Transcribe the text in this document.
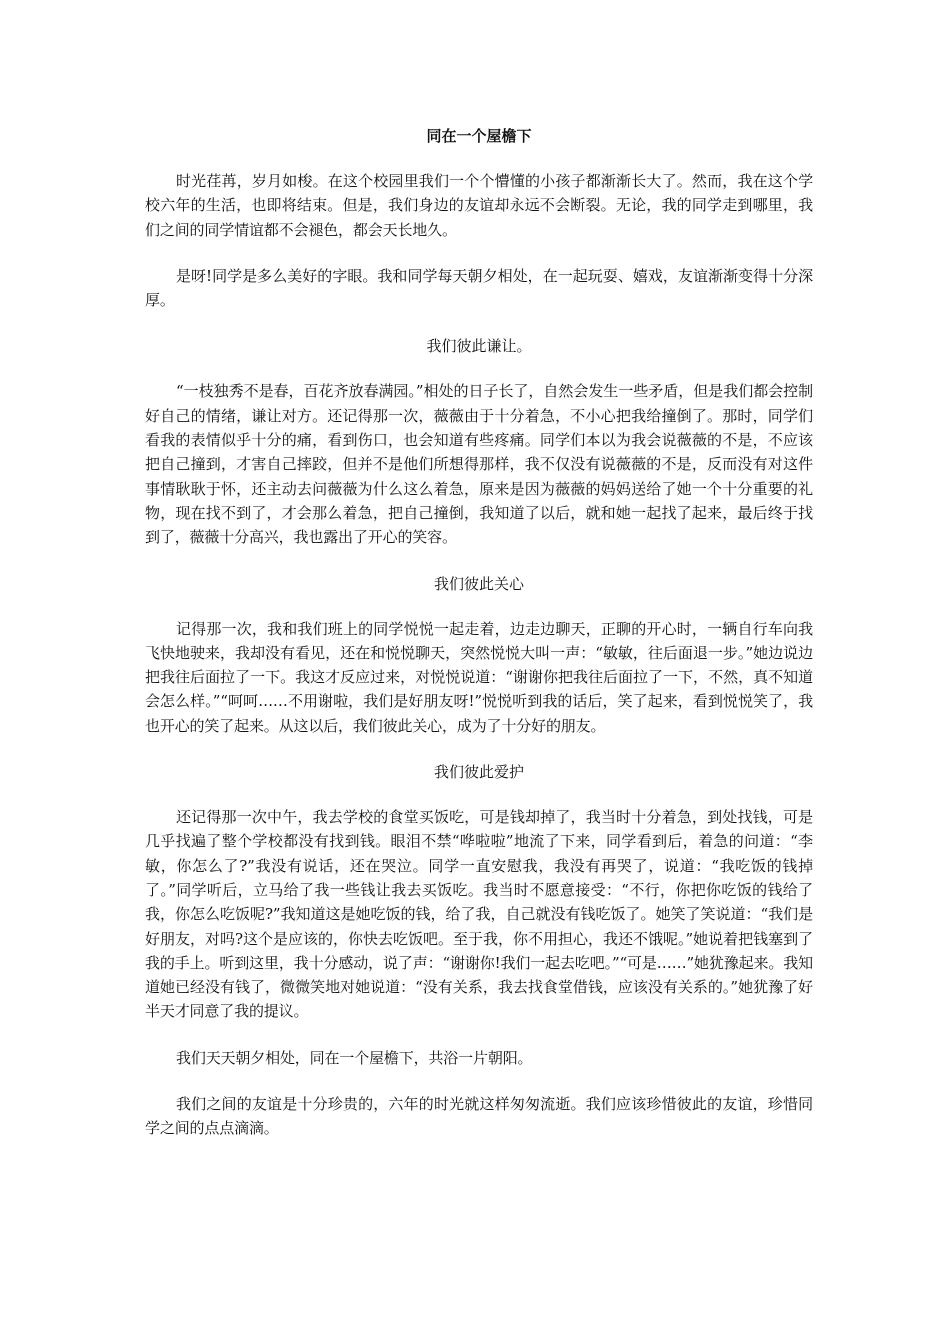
同在一个屋檐下

时光荏苒，岁月如梭。在这个校园里我们一个个懵懂的小孩子都渐渐长大了。然而，我在这个学校六年的生活，也即将结束。但是，我们身边的友谊却永远不会断裂。无论，我的同学走到哪里，我们之间的同学情谊都不会褪色，都会天长地久。

是呀!同学是多么美好的字眼。我和同学每天朝夕相处，在一起玩耍、嬉戏，友谊渐渐变得十分深厚。

我们彼此谦让。

“一枝独秀不是春，百花齐放春满园。”相处的日子长了，自然会发生一些矛盾，但是我们都会控制好自己的情绪，谦让对方。还记得那一次，薇薇由于十分着急，不小心把我给撞倒了。那时，同学们看我的表情似乎十分的痛，看到伤口，也会知道有些疼痛。同学们本以为我会说薇薇的不是，不应该把自己撞到，才害自己摔跤，但并不是他们所想得那样，我不仅没有说薇薇的不是，反而没有对这件事情耿耿于怀，还主动去问薇薇为什么这么着急，原来是因为薇薇的妈妈送给了她一个十分重要的礼物，现在找不到了，才会那么着急，把自己撞倒，我知道了以后，就和她一起找了起来，最后终于找到了，薇薇十分高兴，我也露出了开心的笑容。

我们彼此关心

记得那一次，我和我们班上的同学悦悦一起走着，边走边聊天，正聊的开心时，一辆自行车向我飞快地驶来，我却没有看见，还在和悦悦聊天，突然悦悦大叫一声：“敏敏，往后面退一步。”她边说边把我往后面拉了一下。我这才反应过来，对悦悦说道：“谢谢你把我往后面拉了一下，不然，真不知道会怎么样。”“呵呵……不用谢啦，我们是好朋友呀!”悦悦听到我的话后，笑了起来，看到悦悦笑了，我也开心的笑了起来。从这以后，我们彼此关心，成为了十分好的朋友。

我们彼此爱护

还记得那一次中午，我去学校的食堂买饭吃，可是钱却掉了，我当时十分着急，到处找钱，可是几乎找遍了整个学校都没有找到钱。眼泪不禁“哗啦啦”地流了下来，同学看到后，着急的问道：“李敏，你怎么了?”我没有说话，还在哭泣。同学一直安慰我，我没有再哭了，说道：“我吃饭的钱掉了。”同学听后，立马给了我一些钱让我去买饭吃。我当时不愿意接受：“不行，你把你吃饭的钱给了我，你怎么吃饭呢?”我知道这是她吃饭的钱，给了我，自己就没有钱吃饭了。她笑了笑说道：“我们是好朋友，对吗?这个是应该的，你快去吃饭吧。至于我，你不用担心，我还不饿呢。”她说着把钱塞到了我的手上。听到这里，我十分感动，说了声：“谢谢你!我们一起去吃吧。”“可是……”她犹豫起来。我知道她已经没有钱了，微微笑地对她说道：“没有关系，我去找食堂借钱，应该没有关系的。”她犹豫了好半天才同意了我的提议。

我们天天朝夕相处，同在一个屋檐下，共浴一片朝阳。

我们之间的友谊是十分珍贵的，六年的时光就这样匆匆流逝。我们应该珍惜彼此的友谊，珍惜同学之间的点点滴滴。
